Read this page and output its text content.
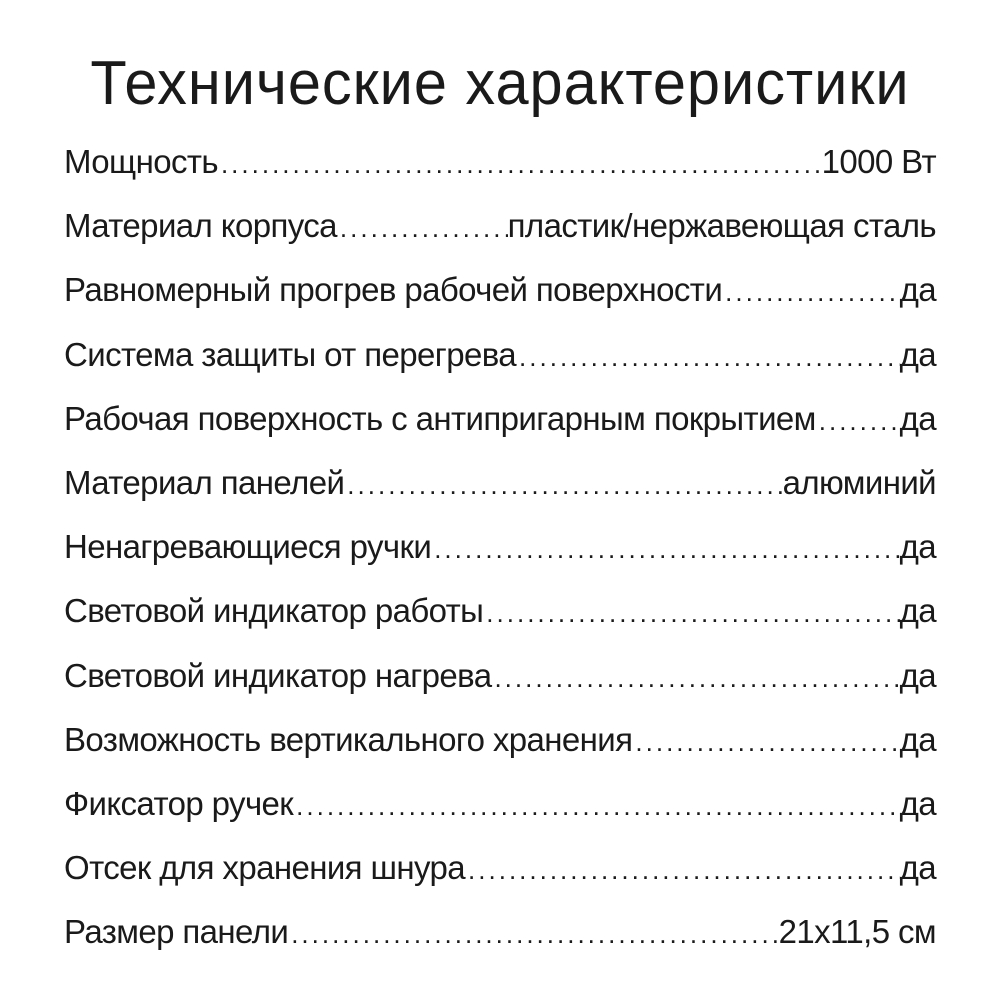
Технические характеристики
Мощность .....	1000 Вт
Материал корпуса .....	пластик/нержавеющая сталь
Равномерный прогрев рабочей поверхности .....	да
Система защиты от перегрева .....	да
Рабочая поверхность с антипригарным покрытием .....	да
Материал панелей .....	алюминий
Ненагревающиеся ручки .....	да
Световой индикатор работы .....	да
Световой индикатор нагрева .....	да
Возможность вертикального хранения .....	да
Фиксатор ручек .....	да
Отсек для хранения шнура .....	да
Размер панели .....	21x11,5 см
